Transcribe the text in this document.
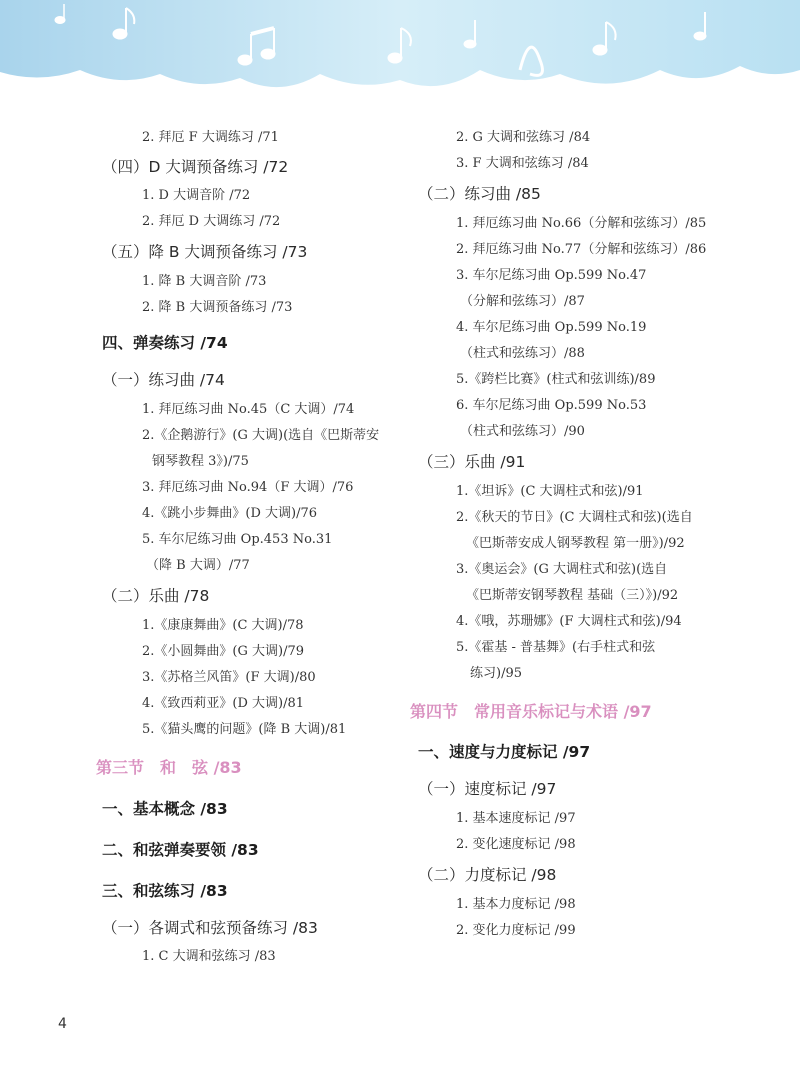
2. 拜厄 F 大调练习 /71
（四）D 大调预备练习 /72
1. D 大调音阶 /72
2. 拜厄 D 大调练习 /72
（五）降 B 大调预备练习 /73
1. 降 B 大调音阶 /73
2. 降 B 大调预备练习 /73
四、弹奏练习 /74
（一）练习曲 /74
1. 拜厄练习曲 No.45（C 大调）/74
2.《企鹅游行》(G 大调)(选自《巴斯蒂安
钢琴教程 3》)/75
3. 拜厄练习曲 No.94（F 大调）/76
4.《跳小步舞曲》(D 大调)/76
5. 车尔尼练习曲 Op.453 No.31
（降 B 大调）/77
（二）乐曲 /78
1.《康康舞曲》(C 大调)/78
2.《小圆舞曲》(G 大调)/79
3.《苏格兰风笛》(F 大调)/80
4.《致西莉亚》(D 大调)/81
5.《猫头鹰的问题》(降 B 大调)/81
第三节　和　弦 /83
一、基本概念 /83
二、和弦弹奏要领 /83
三、和弦练习 /83
（一）各调式和弦预备练习 /83
1. C 大调和弦练习 /83
2. G 大调和弦练习 /84
3. F 大调和弦练习 /84
（二）练习曲 /85
1. 拜厄练习曲 No.66（分解和弦练习）/85
2. 拜厄练习曲 No.77（分解和弦练习）/86
3. 车尔尼练习曲 Op.599 No.47
（分解和弦练习）/87
4. 车尔尼练习曲 Op.599 No.19
（柱式和弦练习）/88
5.《跨栏比赛》(柱式和弦训练)/89
6. 车尔尼练习曲 Op.599 No.53
（柱式和弦练习）/90
（三）乐曲 /91
1.《坦诉》(C 大调柱式和弦)/91
2.《秋天的节日》(C 大调柱式和弦)(选自
《巴斯蒂安成人钢琴教程 第一册》)/92
3.《奥运会》(G 大调柱式和弦)(选自
《巴斯蒂安钢琴教程 基础（三）》)/92
4.《哦，苏珊娜》(F 大调柱式和弦)/94
5.《霍基 - 普基舞》(右手柱式和弦
练习)/95
第四节　常用音乐标记与术语 /97
一、速度与力度标记 /97
（一）速度标记 /97
1. 基本速度标记 /97
2. 变化速度标记 /98
（二）力度标记 /98
1. 基本力度标记 /98
2. 变化力度标记 /99
4
